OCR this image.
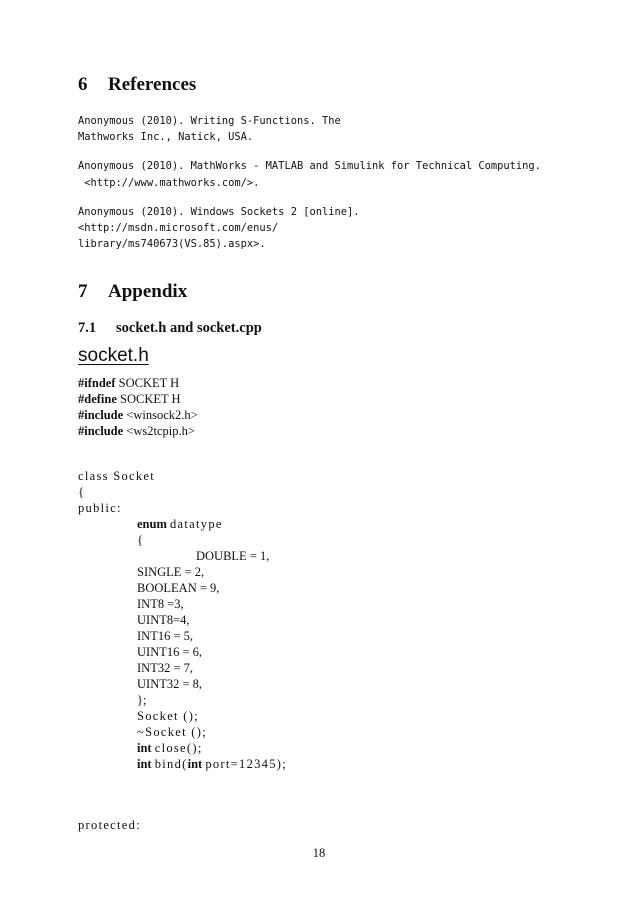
6 References
Anonymous (2010). Writing S-Functions. The
Mathworks Inc., Natick, USA.
Anonymous (2010). MathWorks - MATLAB and Simulink for Technical Computing.
<http://www.mathworks.com/>.
Anonymous (2010). Windows Sockets 2 [online].
<http://msdn.microsoft.com/enus/
library/ms740673(VS.85).aspx>.
7 Appendix
7.1 socket.h and socket.cpp
socket.h
#ifndef SOCKET H
#define SOCKET H
#include <winsock2.h>
#include <ws2tcpip.h>
class Socket
{
public:
enum datatype
{
DOUBLE = 1,
SINGLE = 2,
BOOLEAN = 9,
INT8 =3,
UINT8=4,
INT16 = 5,
UINT16 = 6,
INT32 = 7,
UINT32 = 8,
};
Socket ();
~Socket ();
int close();
int bind(int port=12345);
protected:
18
